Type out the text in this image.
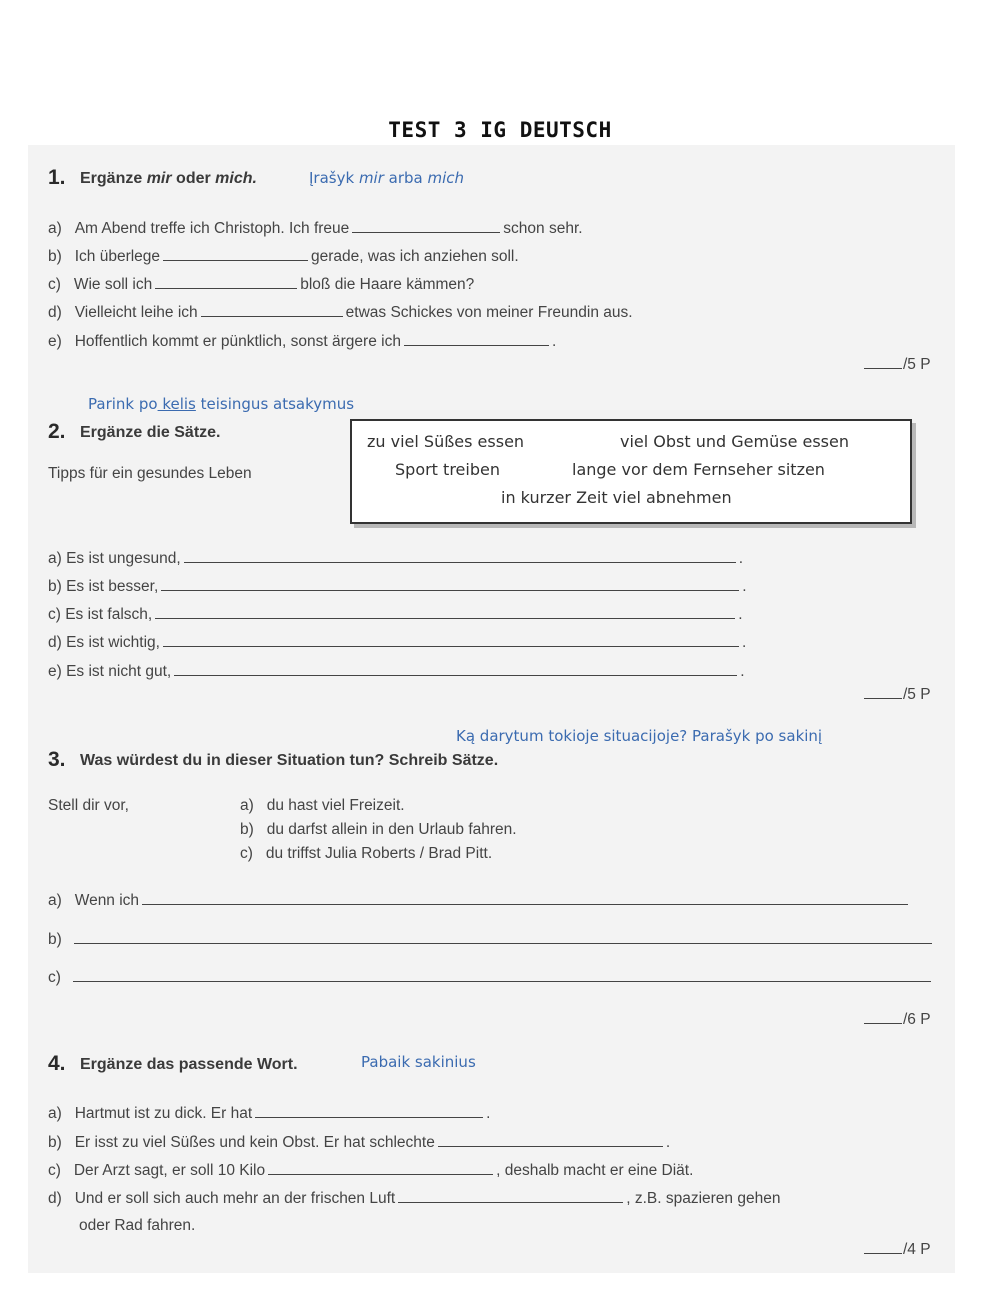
TEST 3 IG DEUTSCH
1. Ergänze mir oder mich.	Įrašyk mir arba mich
a) Am Abend treffe ich Christoph. Ich freue	schon sehr.
b) Ich überlege	gerade, was ich anziehen soll.
c) Wie soll ich	bloß die Haare kämmen?
d) Vielleicht leihe ich	etwas Schickes von meiner Freundin aus.
e) Hoffentlich kommt er pünktlich, sonst ärgere ich	.
/5 P
Parink po kelis teisingus atsakymus
2. Ergänze die Sätze.
Tipps für ein gesundes Leben
zu viel Süßes essen	viel Obst und Gemüse essen
Sport treiben	lange vor dem Fernseher sitzen
in kurzer Zeit viel abnehmen
a) Es ist ungesund,	.
b) Es ist besser,	.
c) Es ist falsch,	.
d) Es ist wichtig,	.
e) Es ist nicht gut,	.
/5 P
Ką darytum tokioje situacijoje? Parašyk po sakinį
3. Was würdest du in dieser Situation tun? Schreib Sätze.
Stell dir vor,	a) du hast viel Freizeit.
b) du darfst allein in den Urlaub fahren.
c) du triffst Julia Roberts / Brad Pitt.
a) Wenn ich
b)
c)
/6 P
4. Ergänze das passende Wort.	Pabaik sakinius
a) Hartmut ist zu dick. Er hat	.
b) Er isst zu viel Süßes und kein Obst. Er hat schlechte	.
c) Der Arzt sagt, er soll 10 Kilo	, deshalb macht er eine Diät.
d) Und er soll sich auch mehr an der frischen Luft	, z.B. spazieren gehen
oder Rad fahren.
/4 P
